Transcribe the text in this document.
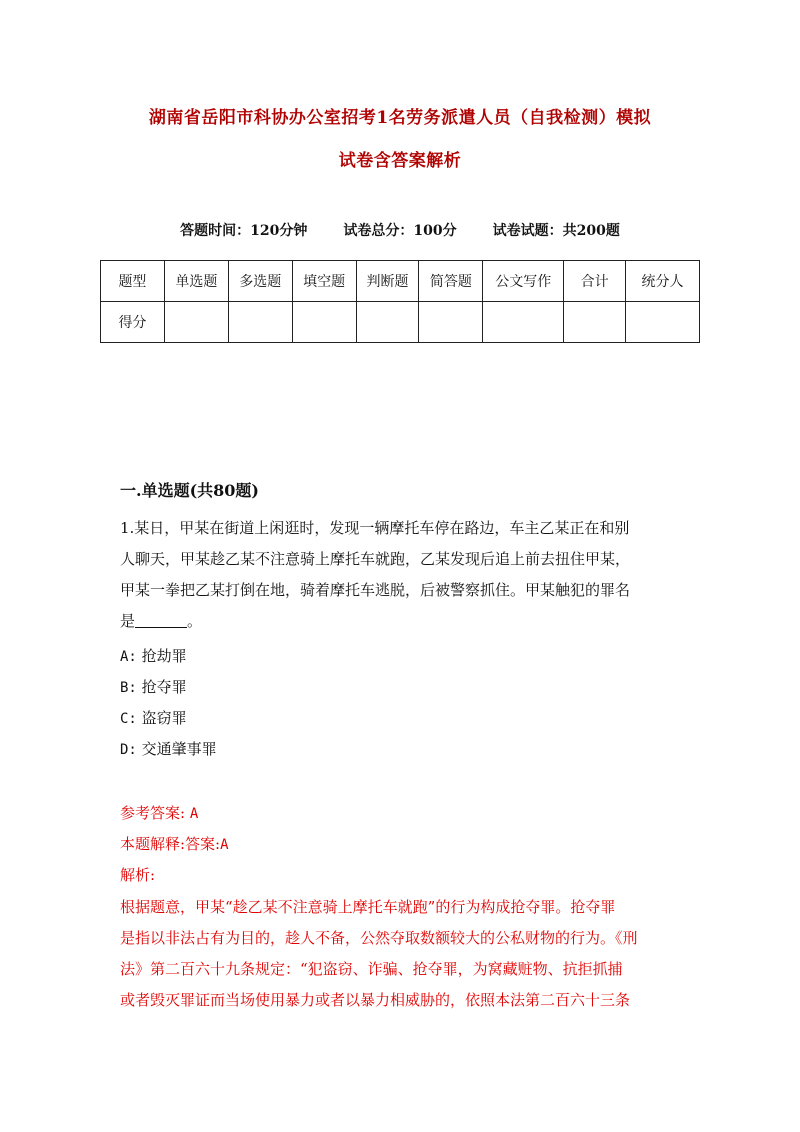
湖南省岳阳市科协办公室招考1名劳务派遣人员（自我检测）模拟
试卷含答案解析
答题时间：120分钟	试卷总分：100分	试卷试题：共200题
题型	单选题	多选题	填空题	判断题	简答题	公文写作	合计	统分人
得分								
一.单选题(共80题)
1.某日，甲某在街道上闲逛时，发现一辆摩托车停在路边，车主乙某正在和别
人聊天，甲某趁乙某不注意骑上摩托车就跑，乙某发现后追上前去扭住甲某，
甲某一拳把乙某打倒在地，骑着摩托车逃脱，后被警察抓住。甲某触犯的罪名
是	。
A: 抢劫罪
B: 抢夺罪
C: 盗窃罪
D: 交通肇事罪
参考答案: A
本题解释:答案:A
解析:
根据题意，甲某“趁乙某不注意骑上摩托车就跑”的行为构成抢夺罪。抢夺罪
是指以非法占有为目的，趁人不备，公然夺取数额较大的公私财物的行为。《刑
法》第二百六十九条规定：“犯盗窃、诈骗、抢夺罪，为窝藏赃物、抗拒抓捕
或者毁灭罪证而当场使用暴力或者以暴力相威胁的，依照本法第二百六十三条
